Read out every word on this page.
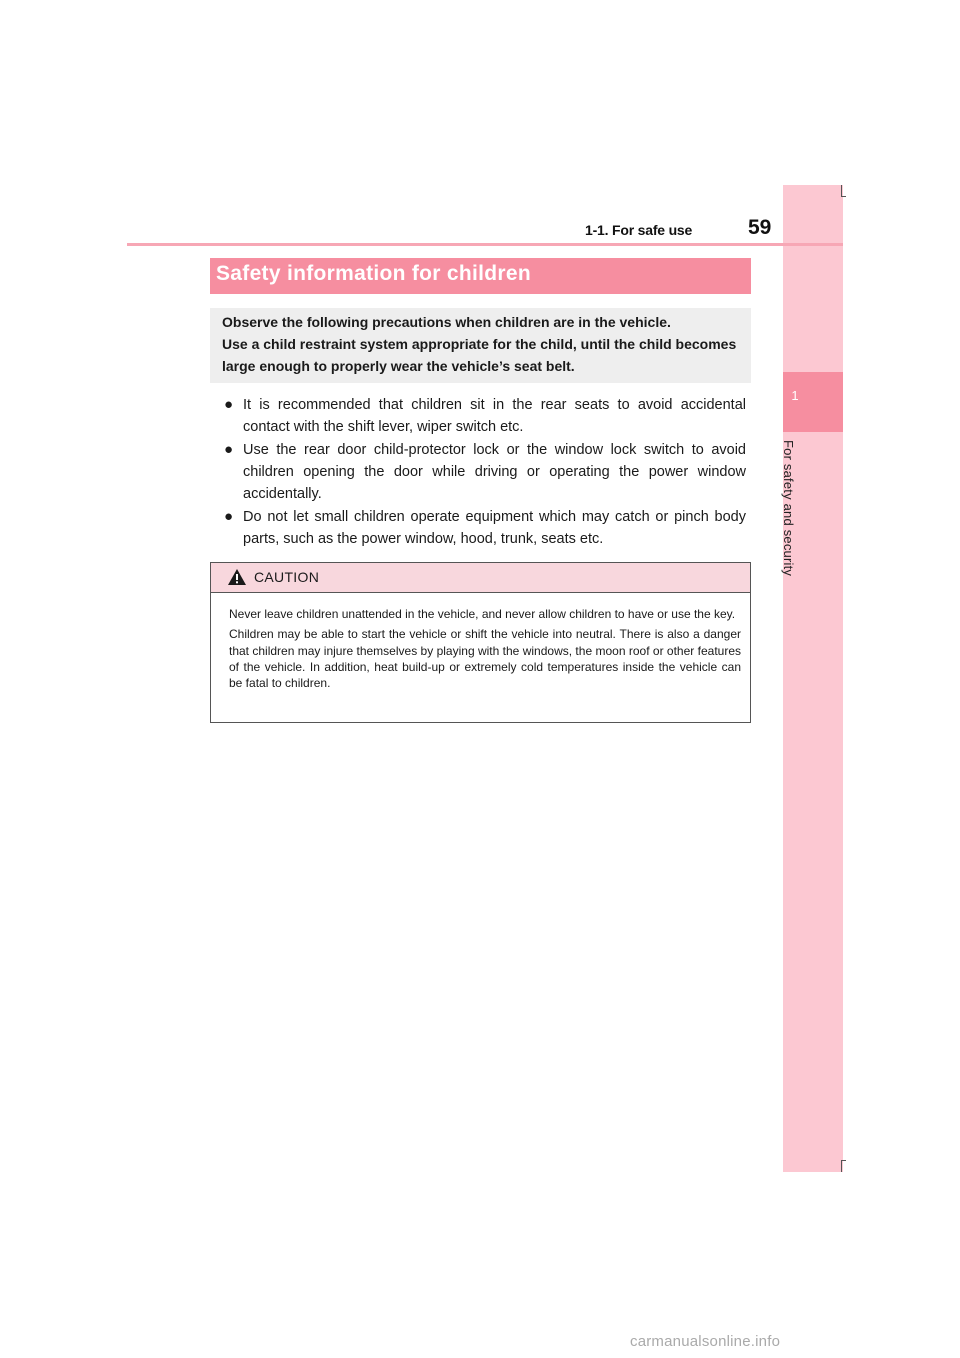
1
For safety and security
1-1. For safe use	59
Safety information for children
Observe the following precautions when children are in the vehicle.
Use a child restraint system appropriate for the child, until the child becomes
large enough to properly wear the vehicle’s seat belt.
● It is recommended that children sit in the rear seats to avoid accidental contact with the shift lever, wiper switch etc.
● Use the rear door child-protector lock or the window lock switch to avoid children opening the door while driving or operating the power window accidentally.
● Do not let small children operate equipment which may catch or pinch body parts, such as the power window, hood, trunk, seats etc.
CAUTION

Never leave children unattended in the vehicle, and never allow children to have or use the key.

Children may be able to start the vehicle or shift the vehicle into neutral. There is also a danger that children may injure themselves by playing with the windows, the moon roof or other features of the vehicle. In addition, heat build-up or extremely cold temperatures inside the vehicle can be fatal to children.

carmanualsonline.info
